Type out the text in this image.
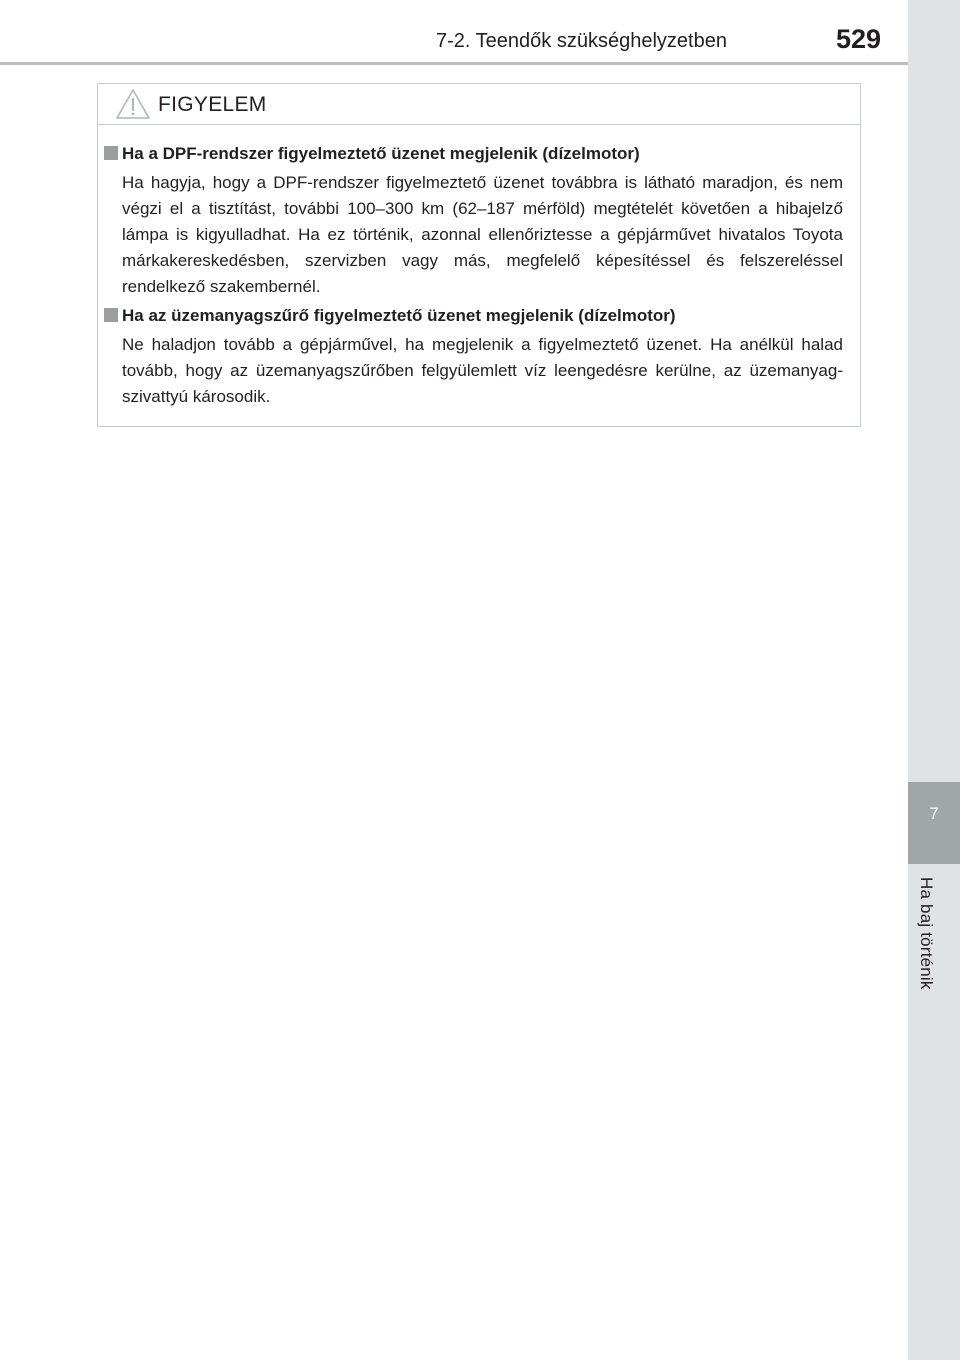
7
Ha baj történik
7-2. Teendők szükséghelyzetben	529
FIGYELEM
Ha a DPF-rendszer figyelmeztető üzenet megjelenik (dízelmotor)

Ha hagyja, hogy a DPF-rendszer figyelmeztető üzenet továbbra is látható maradjon, és nem végzi el a tisztítást, további 100–300 km (62–187 mérföld) megtételét követően a hibajelző lámpa is kigyulladhat. Ha ez történik, azonnal ellenőriztesse a gépjárművet hivatalos Toyota márkakereskedésben, szervizben vagy más, megfelelő képesítéssel és felszereléssel rendelkező szakembernél.

Ha az üzemanyagszűrő figyelmeztető üzenet megjelenik (dízelmotor)

Ne haladjon tovább a gépjárművel, ha megjelenik a figyelmeztető üzenet. Ha anélkül halad tovább, hogy az üzemanyagszűrőben felgyülemlett víz leengedésre kerülne, az üzemanyag-szivattyú károsodik.
